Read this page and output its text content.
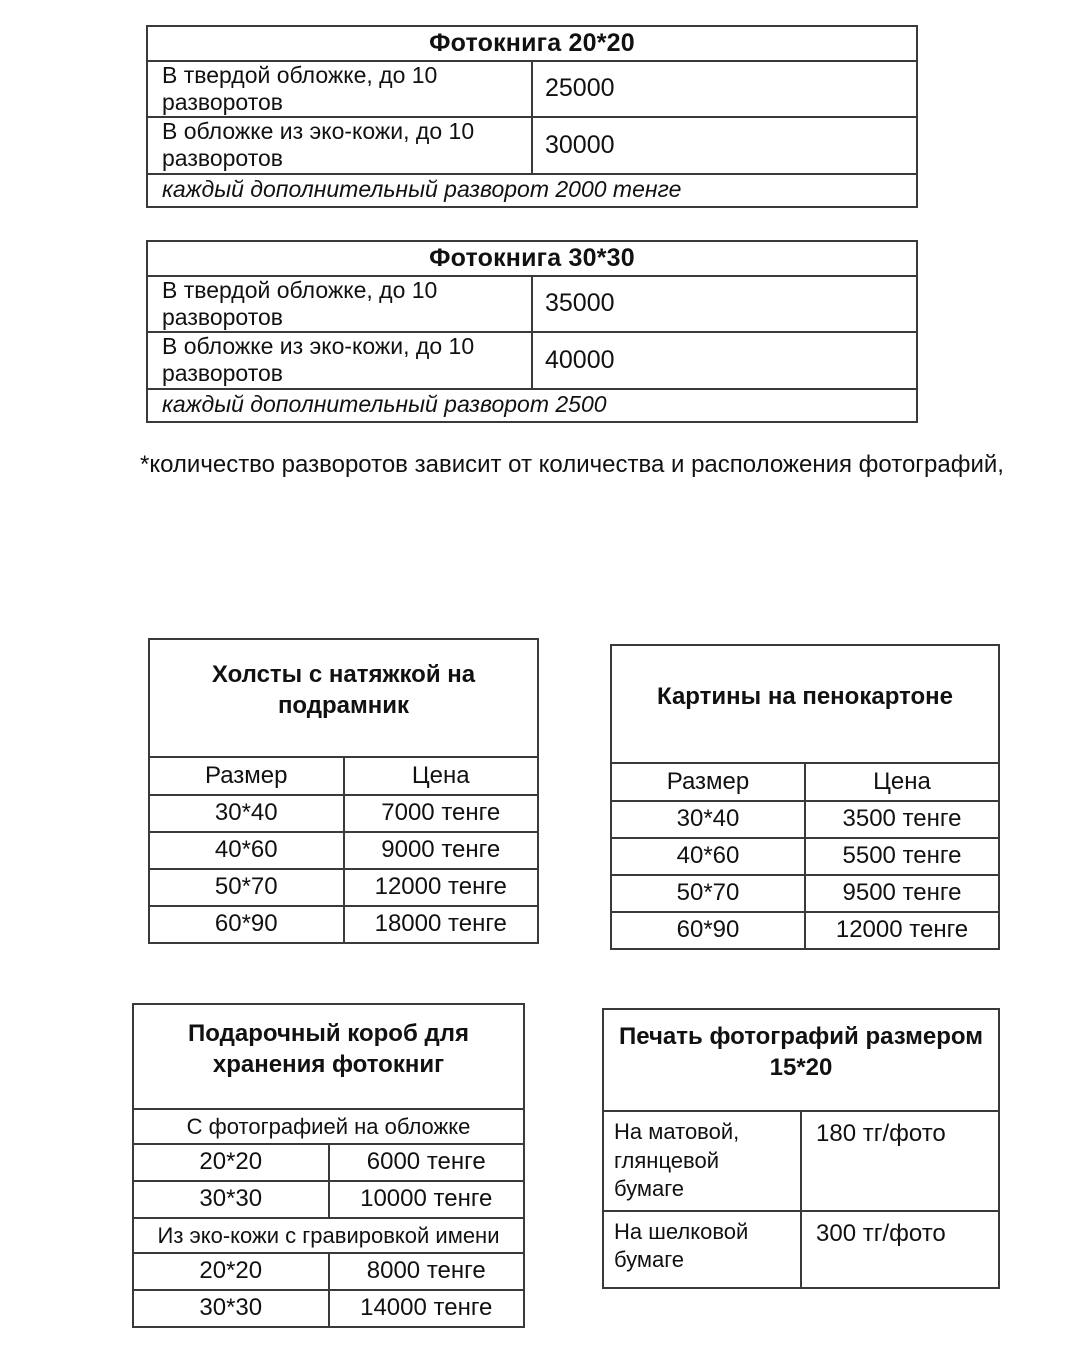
Фотокнига 20*20	
В твердой обложке, до 10 разворотов	25000
В обложке из эко-кожи, до 10 разворотов	30000
каждый дополнительный разворот 2000 тенге	
Фотокнига 30*30	
В твердой обложке, до 10 разворотов	35000
В обложке из эко-кожи, до 10 разворотов	40000
каждый дополнительный разворот 2500	
*количество разворотов зависит от количества и расположения фотографий,
Холсты с натяжкой на подрамник	
Размер	Цена
30*40	7000 тенге
40*60	9000 тенге
50*70	12000 тенге
60*90	18000 тенге
Картины на пенокартоне	
Размер	Цена
30*40	3500 тенге
40*60	5500 тенге
50*70	9500 тенге
60*90	12000 тенге
Подарочный короб для хранения фотокниг	
С фотографией на обложке	
20*20	6000 тенге
30*30	10000 тенге
Из эко-кожи с гравировкой имени	
20*20	8000 тенге
30*30	14000 тенге
Печать фотографий размером 15*20	
На матовой, глянцевой бумаге	180 тг/фото
На шелковой бумаге	300 тг/фото
